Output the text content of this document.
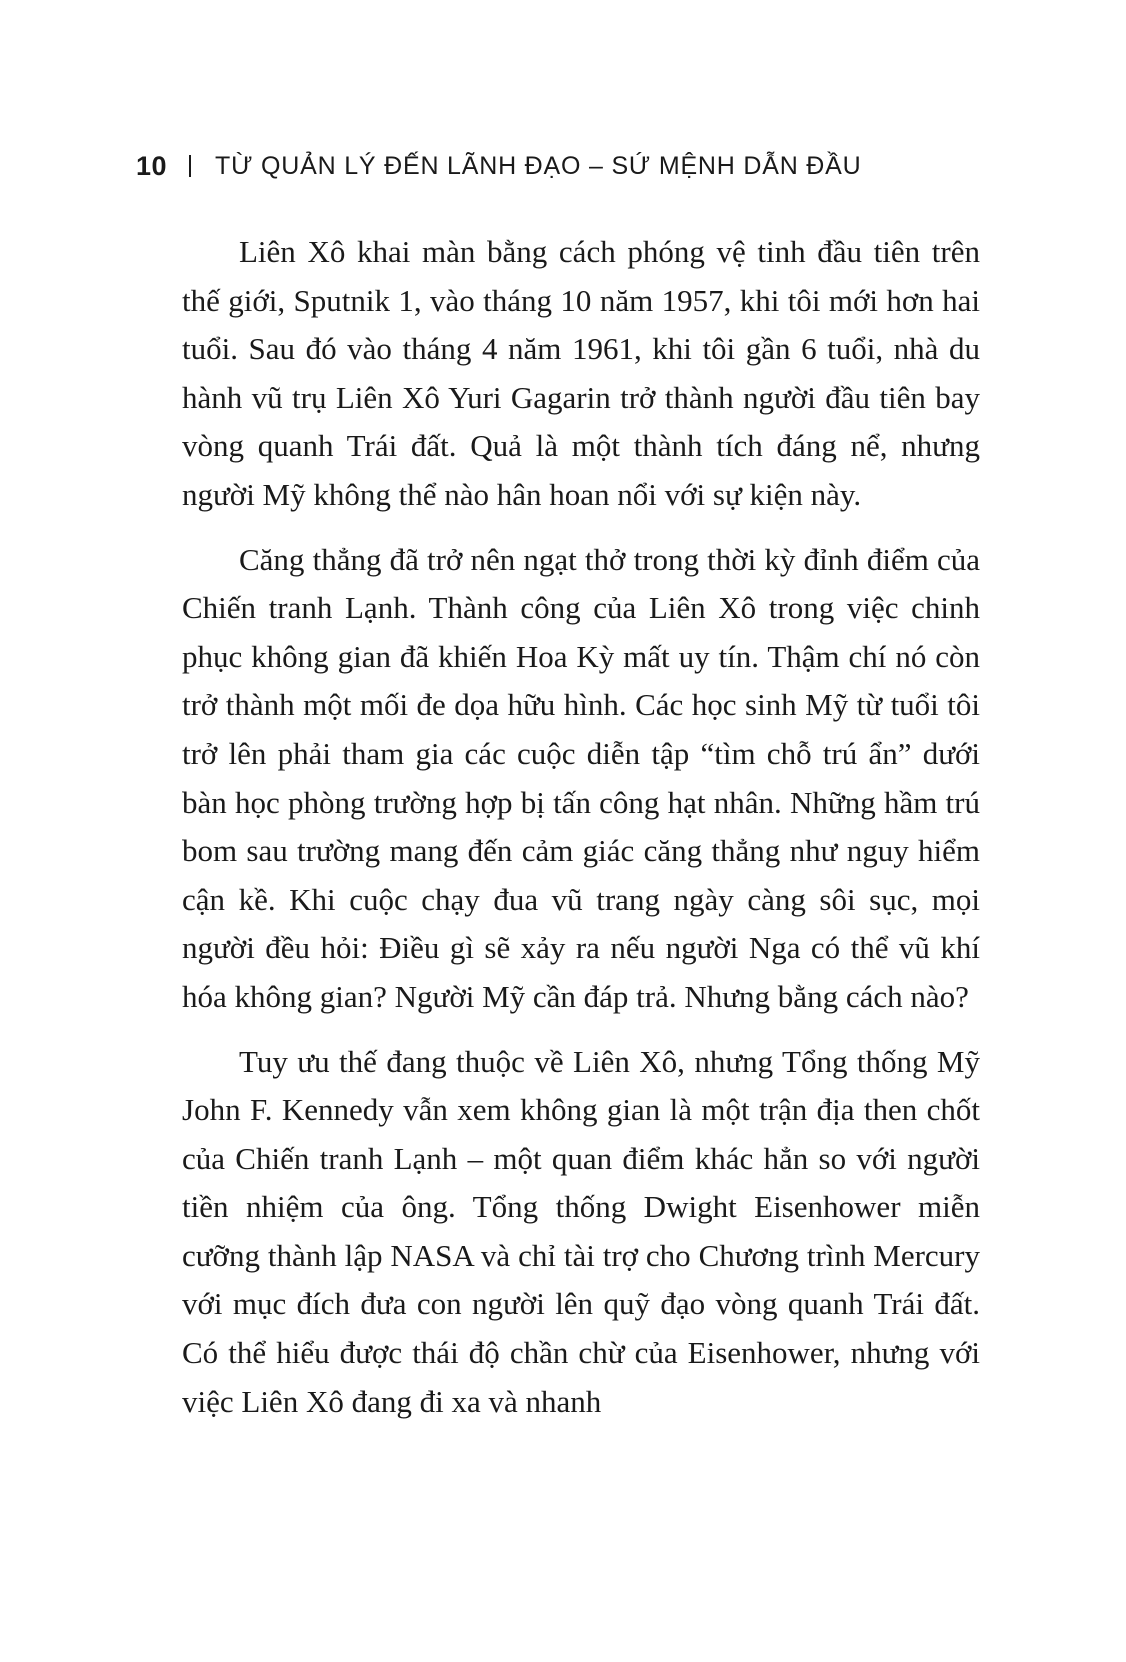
10 TỪ QUẢN LÝ ĐẾN LÃNH ĐẠO – SỨ MỆNH DẪN ĐẦU

Liên Xô khai màn bằng cách phóng vệ tinh đầu tiên trên thế giới, Sputnik 1, vào tháng 10 năm 1957, khi tôi mới hơn hai tuổi. Sau đó vào tháng 4 năm 1961, khi tôi gần 6 tuổi, nhà du hành vũ trụ Liên Xô Yuri Gagarin trở thành người đầu tiên bay vòng quanh Trái đất. Quả là một thành tích đáng nể, nhưng người Mỹ không thể nào hân hoan nổi với sự kiện này.

Căng thẳng đã trở nên ngạt thở trong thời kỳ đỉnh điểm của Chiến tranh Lạnh. Thành công của Liên Xô trong việc chinh phục không gian đã khiến Hoa Kỳ mất uy tín. Thậm chí nó còn trở thành một mối đe dọa hữu hình. Các học sinh Mỹ từ tuổi tôi trở lên phải tham gia các cuộc diễn tập “tìm chỗ trú ẩn” dưới bàn học phòng trường hợp bị tấn công hạt nhân. Những hầm trú bom sau trường mang đến cảm giác căng thẳng như nguy hiểm cận kề. Khi cuộc chạy đua vũ trang ngày càng sôi sục, mọi người đều hỏi: Điều gì sẽ xảy ra nếu người Nga có thể vũ khí hóa không gian? Người Mỹ cần đáp trả. Nhưng bằng cách nào?

Tuy ưu thế đang thuộc về Liên Xô, nhưng Tổng thống Mỹ John F. Kennedy vẫn xem không gian là một trận địa then chốt của Chiến tranh Lạnh – một quan điểm khác hẳn so với người tiền nhiệm của ông. Tổng thống Dwight Eisenhower miễn cưỡng thành lập NASA và chỉ tài trợ cho Chương trình Mercury với mục đích đưa con người lên quỹ đạo vòng quanh Trái đất. Có thể hiểu được thái độ chần chừ của Eisenhower, nhưng với việc Liên Xô đang đi xa và nhanh
